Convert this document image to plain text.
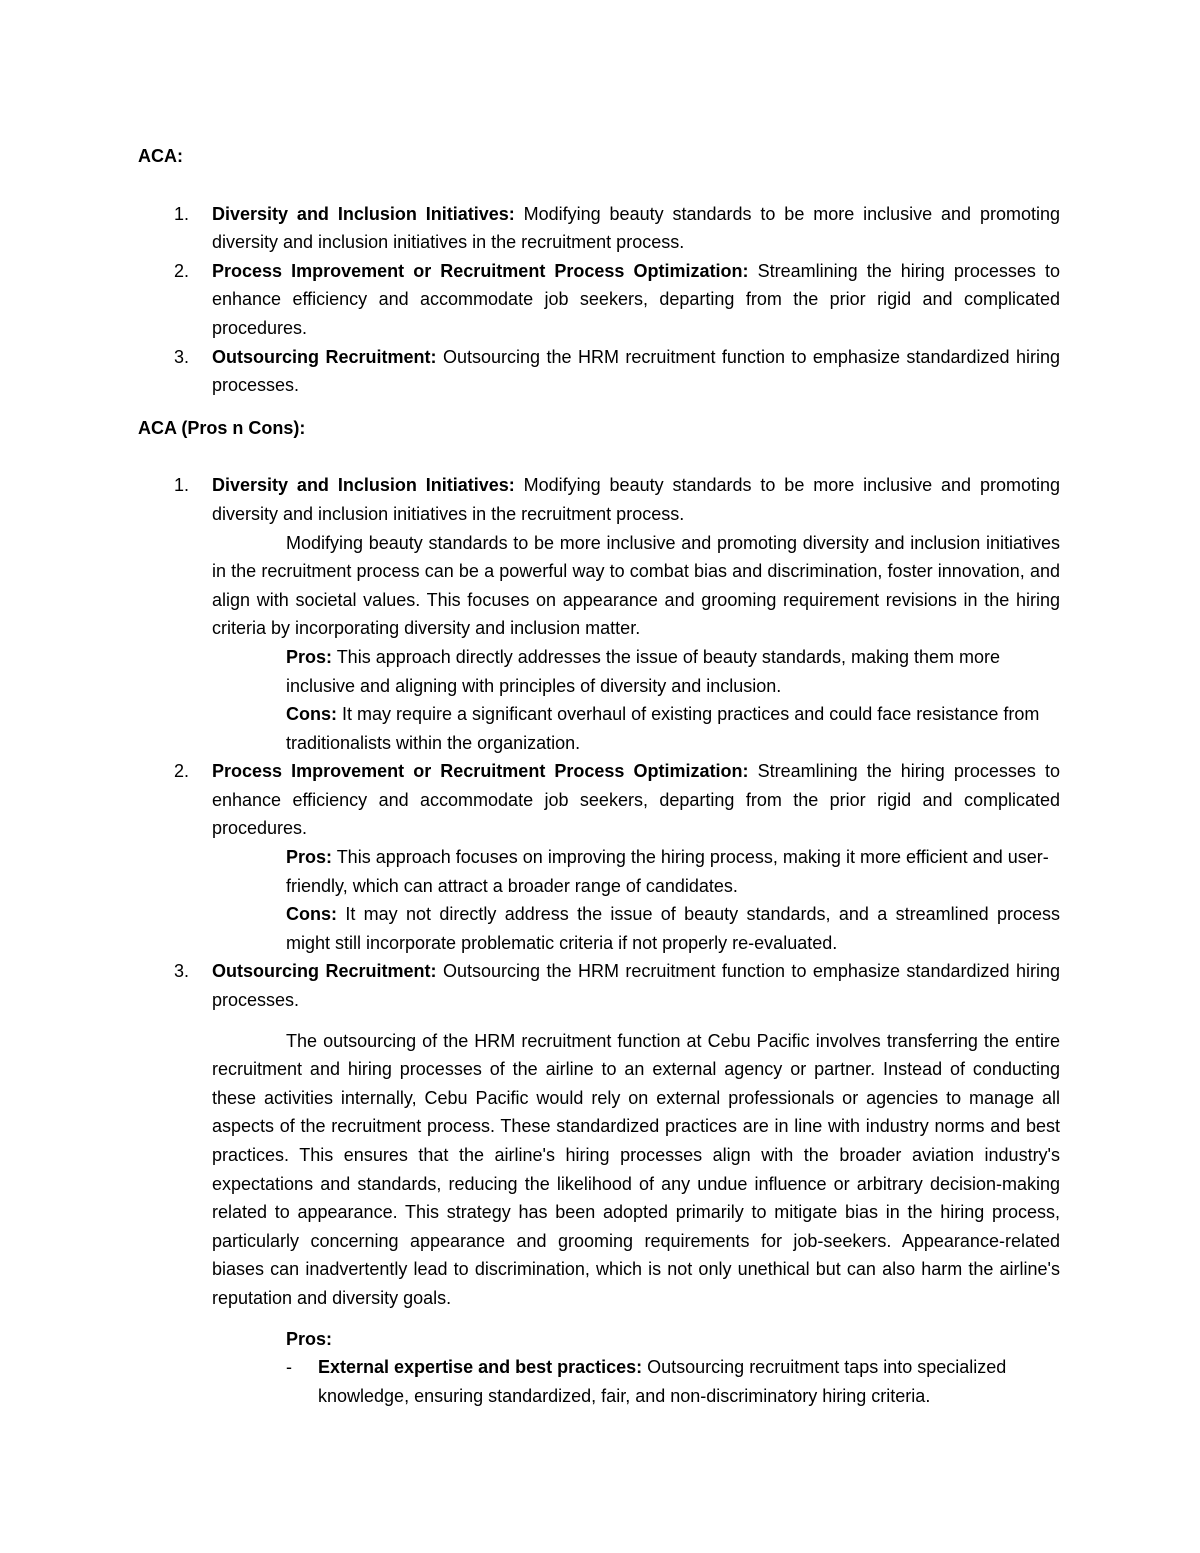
ACA:

1. Diversity and Inclusion Initiatives: Modifying beauty standards to be more inclusive and promoting diversity and inclusion initiatives in the recruitment process.
2. Process Improvement or Recruitment Process Optimization: Streamlining the hiring processes to enhance efficiency and accommodate job seekers, departing from the prior rigid and complicated procedures.
3. Outsourcing Recruitment: Outsourcing the HRM recruitment function to emphasize standardized hiring processes.

ACA (Pros n Cons):

1. Diversity and Inclusion Initiatives: Modifying beauty standards to be more inclusive and promoting diversity and inclusion initiatives in the recruitment process.

Modifying beauty standards to be more inclusive and promoting diversity and inclusion initiatives in the recruitment process can be a powerful way to combat bias and discrimination, foster innovation, and align with societal values. This focuses on appearance and grooming requirement revisions in the hiring criteria by incorporating diversity and inclusion matter.

Pros: This approach directly addresses the issue of beauty standards, making them more inclusive and aligning with principles of diversity and inclusion.

Cons: It may require a significant overhaul of existing practices and could face resistance from traditionalists within the organization.

2. Process Improvement or Recruitment Process Optimization: Streamlining the hiring processes to enhance efficiency and accommodate job seekers, departing from the prior rigid and complicated procedures.

Pros: This approach focuses on improving the hiring process, making it more efficient and user-friendly, which can attract a broader range of candidates.

Cons: It may not directly address the issue of beauty standards, and a streamlined process might still incorporate problematic criteria if not properly re-evaluated.

3. Outsourcing Recruitment: Outsourcing the HRM recruitment function to emphasize standardized hiring processes.

The outsourcing of the HRM recruitment function at Cebu Pacific involves transferring the entire recruitment and hiring processes of the airline to an external agency or partner. Instead of conducting these activities internally, Cebu Pacific would rely on external professionals or agencies to manage all aspects of the recruitment process. These standardized practices are in line with industry norms and best practices. This ensures that the airline's hiring processes align with the broader aviation industry's expectations and standards, reducing the likelihood of any undue influence or arbitrary decision-making related to appearance. This strategy has been adopted primarily to mitigate bias in the hiring process, particularly concerning appearance and grooming requirements for job-seekers. Appearance-related biases can inadvertently lead to discrimination, which is not only unethical but can also harm the airline's reputation and diversity goals.

Pros:

- External expertise and best practices: Outsourcing recruitment taps into specialized knowledge, ensuring standardized, fair, and non-discriminatory hiring criteria.
